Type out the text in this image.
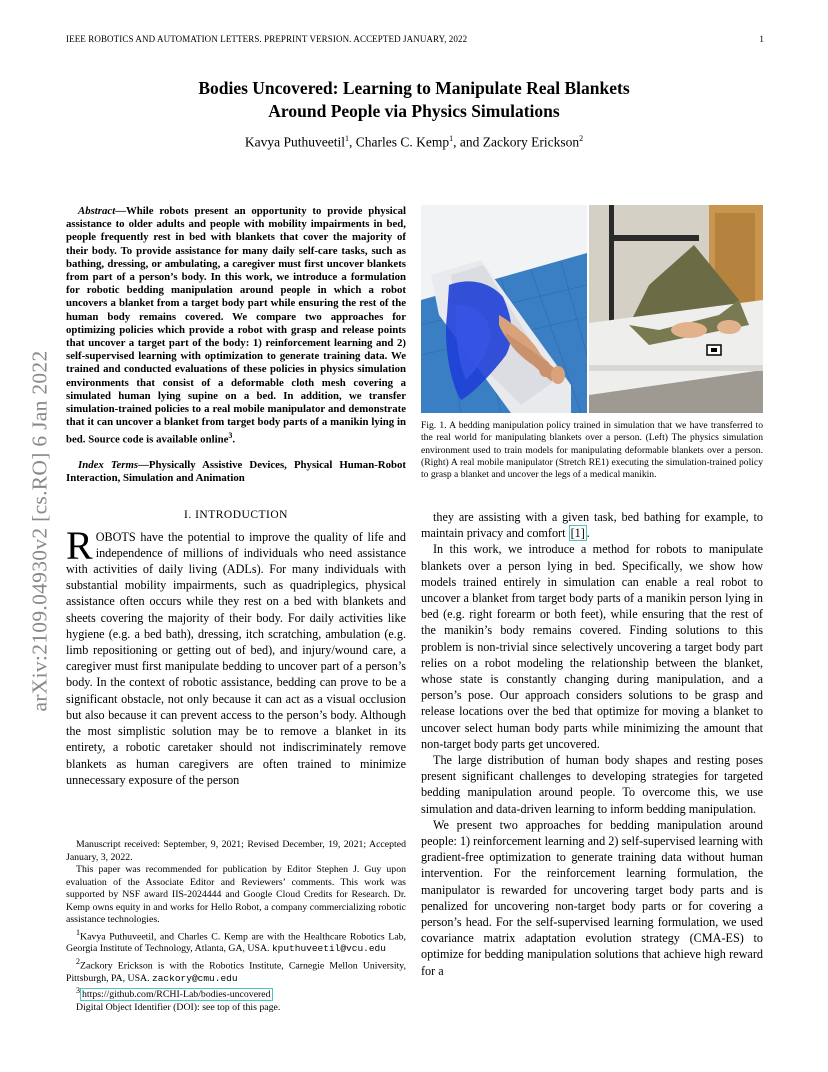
IEEE ROBOTICS AND AUTOMATION LETTERS. PREPRINT VERSION. ACCEPTED JANUARY, 2022	1
Bodies Uncovered: Learning to Manipulate Real Blankets
Around People via Physics Simulations
Kavya Puthuveetil$^1$, Charles C. Kemp$^1$, and Zackory Erickson$^2$
arXiv:2109.04930v2 [cs.RO] 6 Jan 2022

Abstract—While robots present an opportunity to provide physical assistance to older adults and people with mobility impairments in bed, people frequently rest in bed with blankets that cover the majority of their body. To provide assistance for many daily self-care tasks, such as bathing, dressing, or ambulating, a caregiver must first uncover blankets from part of a person’s body. In this work, we introduce a formulation for robotic bedding manipulation around people in which a robot uncovers a blanket from a target body part while ensuring the rest of the human body remains covered. We compare two approaches for optimizing policies which provide a robot with grasp and release points that uncover a target part of the body: 1) reinforcement learning and 2) self-supervised learning with optimization to generate training data. We trained and conducted evaluations of these policies in physics simulation environments that consist of a deformable cloth mesh covering a simulated human lying supine on a bed. In addition, we transfer simulation-trained policies to a real mobile manipulator and demonstrate that it can uncover a blanket from target body parts of a manikin lying in bed. Source code is available online$^3$.

Index Terms—Physically Assistive Devices, Physical Human-Robot Interaction, Simulation and Animation

I. INTRODUCTION

ROBOTS have the potential to improve the quality of life and independence of millions of individuals who need assistance with activities of daily living (ADLs). For many individuals with substantial mobility impairments, such as quadriplegics, physical assistance often occurs while they rest on a bed with blankets and sheets covering the majority of their body. For daily activities like hygiene (e.g. a bed bath), dressing, itch scratching, ambulation (e.g. limb repositioning or getting out of bed), and injury/wound care, a caregiver must first manipulate bedding to uncover part of a person’s body. In the context of robotic assistance, bedding can prove to be a significant obstacle, not only because it can act as a visual occlusion but also because it can prevent access to the person’s body. Although the most simplistic solution may be to remove a blanket in its entirety, a robotic caretaker should not indiscriminately remove blankets as human caregivers are often trained to minimize unnecessary exposure of the person

Manuscript received: September, 9, 2021; Revised December, 19, 2021; Accepted January, 3, 2022.

This paper was recommended for publication by Editor Stephen J. Guy upon evaluation of the Associate Editor and Reviewers’ comments. This work was supported by NSF award IIS-2024444 and Google Cloud Credits for Research. Dr. Kemp owns equity in and works for Hello Robot, a company commercializing robotic assistance technologies.

$^1$Kavya Puthuveetil, and Charles C. Kemp are with the Healthcare Robotics Lab, Georgia Institute of Technology, Atlanta, GA, USA. kputhuveetil@vcu.edu

$^2$Zackory Erickson is with the Robotics Institute, Carnegie Mellon University, Pittsburgh, PA, USA. zackory@cmu.edu

$^3$ https://github.com/RCHI-Lab/bodies-uncovered

Digital Object Identifier (DOI): see top of this page.

Fig. 1. A bedding manipulation policy trained in simulation that we have transferred to the real world for manipulating blankets over a person. (Left) The physics simulation environment used to train models for manipulating deformable blankets over a person. (Right) A real mobile manipulator (Stretch RE1) executing the simulation-trained policy to grasp a blanket and uncover the legs of a medical manikin.

they are assisting with a given task, bed bathing for example, to maintain privacy and comfort [1] .

In this work, we introduce a method for robots to manipulate blankets over a person lying in bed. Specifically, we show how models trained entirely in simulation can enable a real robot to uncover a blanket from target body parts of a manikin person lying in bed (e.g. right forearm or both feet), while ensuring that the rest of the manikin’s body remains covered. Finding solutions to this problem is non-trivial since selectively uncovering a target body part relies on a robot modeling the relationship between the blanket, whose state is constantly changing during manipulation, and a person’s pose. Our approach considers solutions to be grasp and release locations over the bed that optimize for moving a blanket to uncover select human body parts while minimizing the amount that non-target body parts get uncovered.

The large distribution of human body shapes and resting poses present significant challenges to developing strategies for targeted bedding manipulation around people. To overcome this, we use simulation and data-driven learning to inform bedding manipulation.

We present two approaches for bedding manipulation around people: 1) reinforcement learning and 2) self-supervised learning with gradient-free optimization to generate training data without human intervention. For the reinforcement learning formulation, the manipulator is rewarded for uncovering target body parts and is penalized for uncovering non-target body parts or for covering a person’s head. For the self-supervised learning formulation, we used covariance matrix adaptation evolution strategy (CMA-ES) to optimize for bedding manipulation solutions that achieve high reward for a
